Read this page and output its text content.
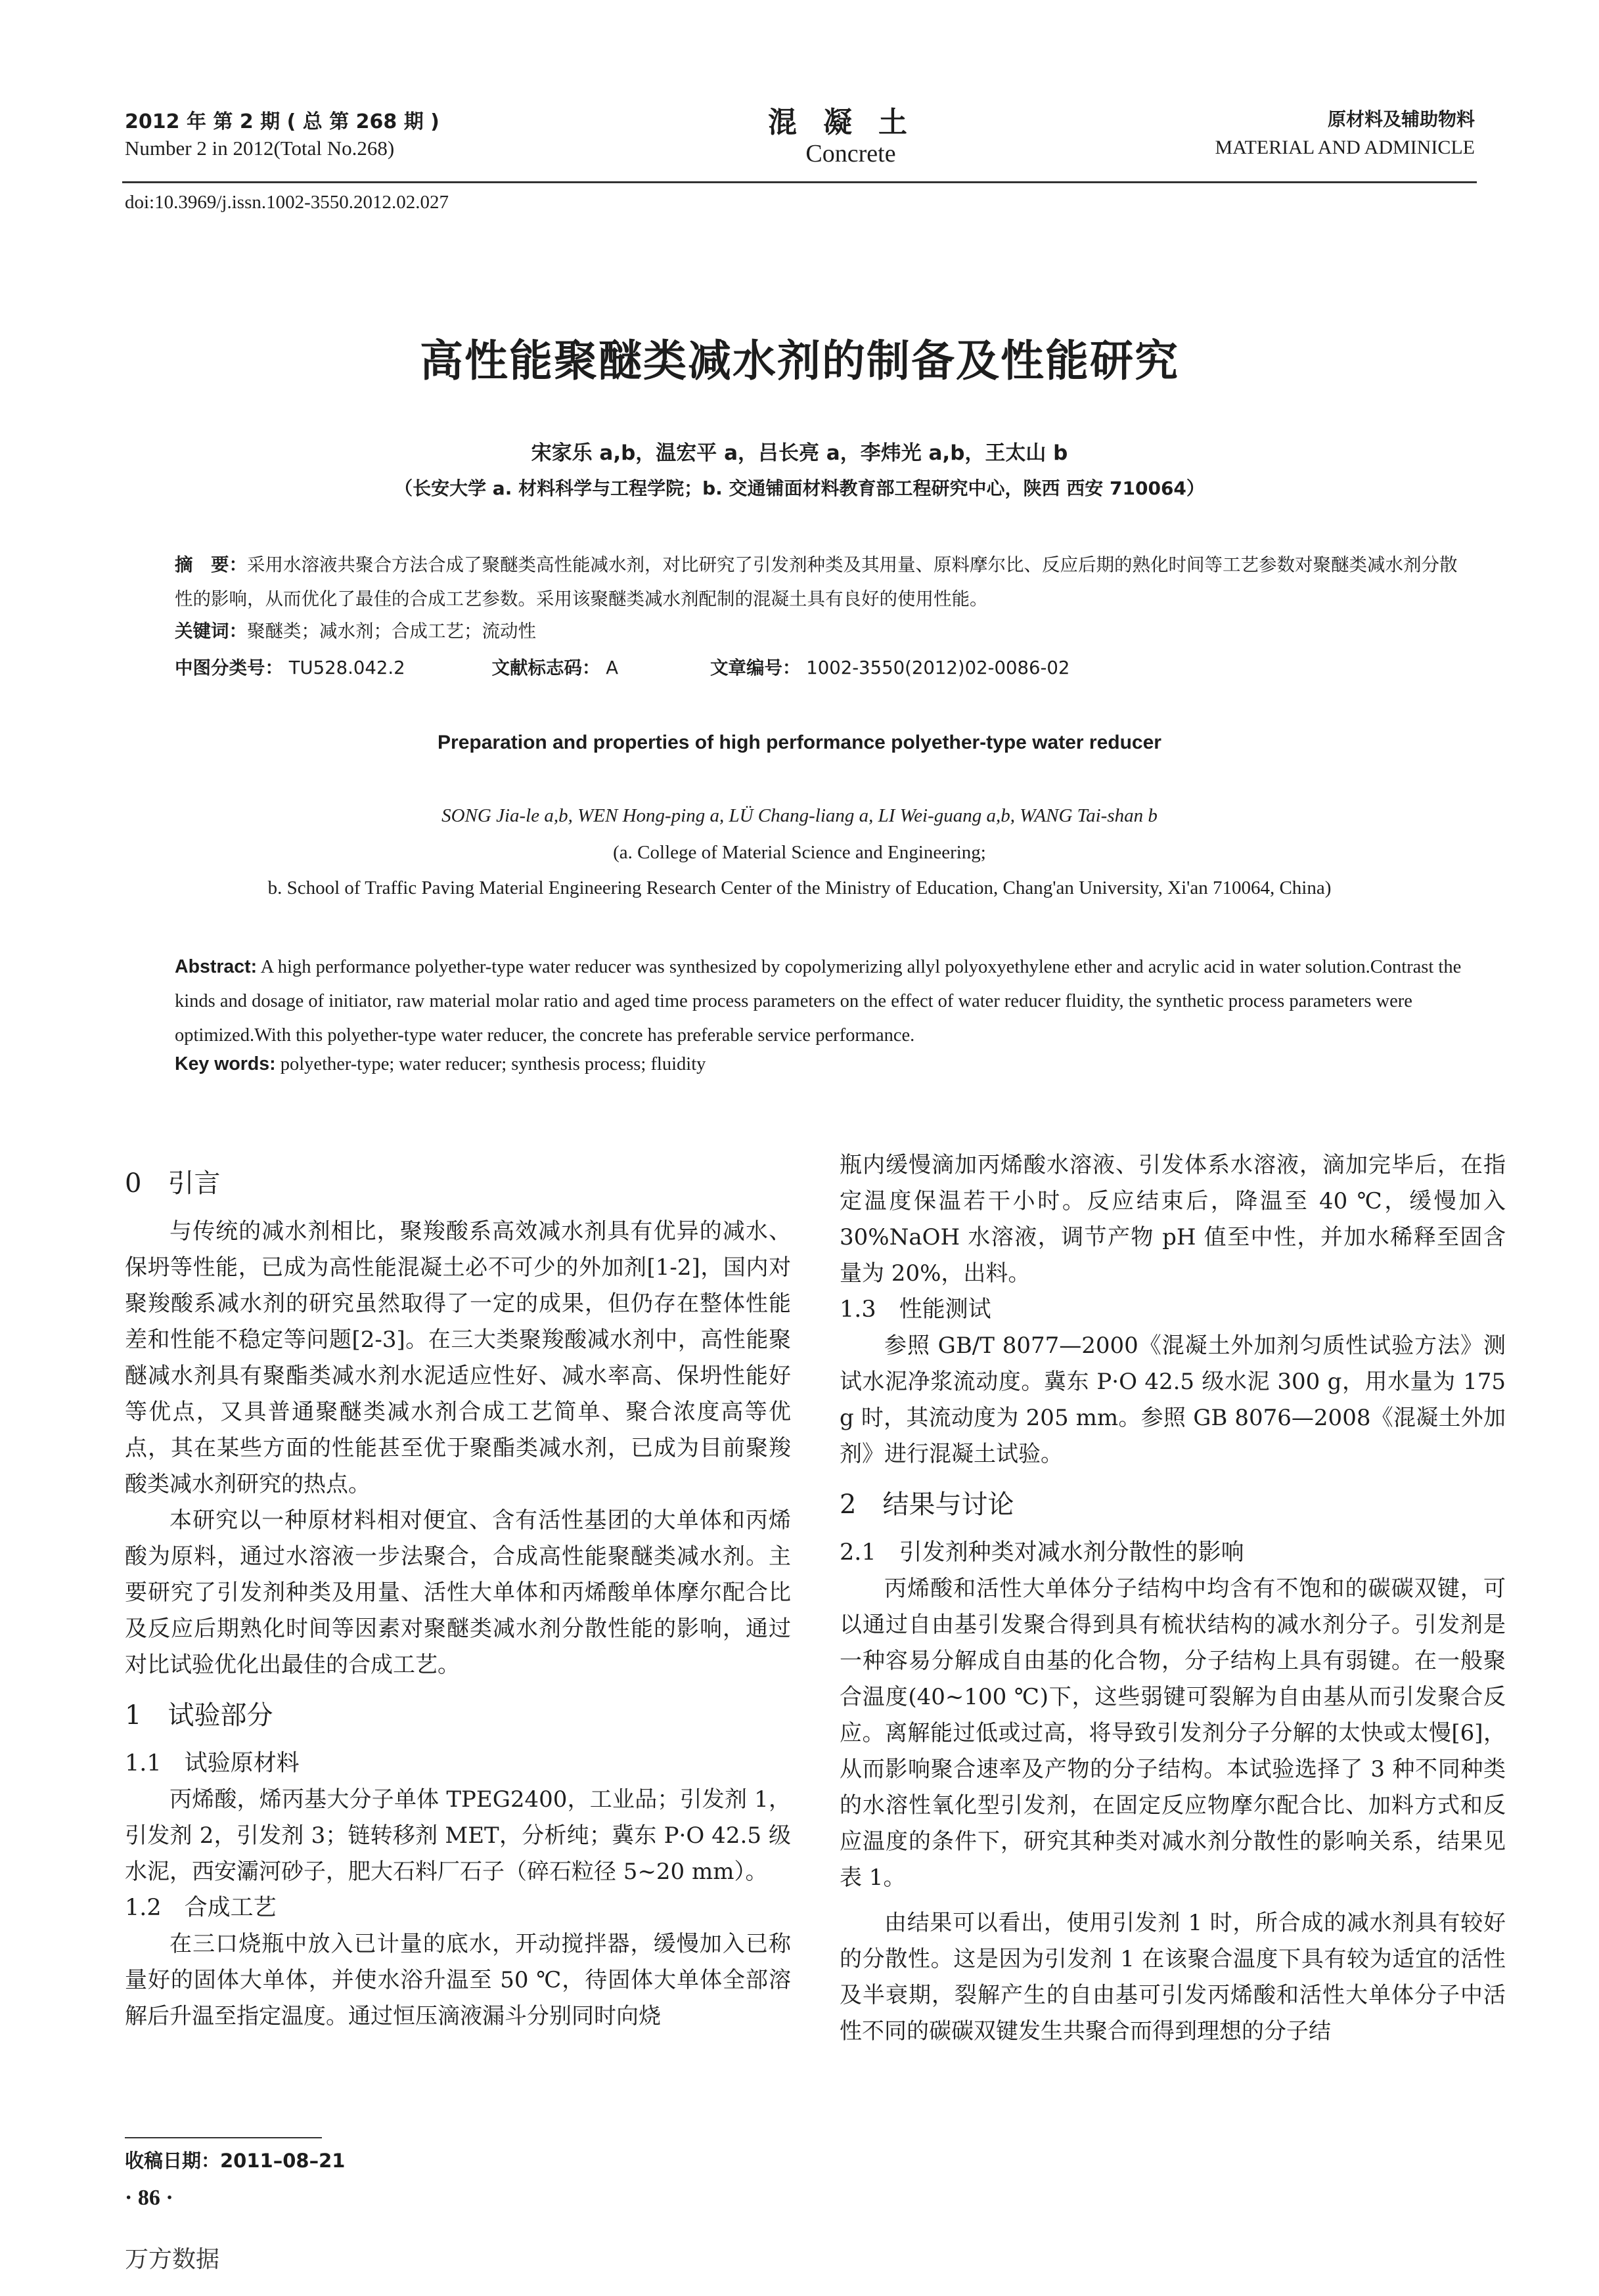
2012 年 第 2 期 ( 总 第 268 期 )
Number 2 in 2012(Total No.268)
混凝土
Concrete
原材料及辅助物料
MATERIAL AND ADMINICLE
doi:10.3969/j.issn.1002-3550.2012.02.027
高性能聚醚类减水剂的制备及性能研究
宋家乐 a,b，温宏平 a，吕长亮 a，李炜光 a,b，王太山 b
（长安大学 a. 材料科学与工程学院；b. 交通铺面材料教育部工程研究中心，陕西 西安 710064）
摘　要：采用水溶液共聚合方法合成了聚醚类高性能减水剂，对比研究了引发剂种类及其用量、原料摩尔比、反应后期的熟化时间等工艺参数对聚醚类减水剂分散性的影响，从而优化了最佳的合成工艺参数。采用该聚醚类减水剂配制的混凝土具有良好的使用性能。
关键词：聚醚类；减水剂；合成工艺；流动性
中图分类号： TU528.042.2	文献标志码： A	文章编号： 1002-3550(2012)02-0086-02
Preparation and properties of high performance polyether-type water reducer
SONG Jia-le a,b, WEN Hong-ping a, LÜ Chang-liang a, LI Wei-guang a,b, WANG Tai-shan b
(a. College of Material Science and Engineering;
b. School of Traffic Paving Material Engineering Research Center of the Ministry of Education, Chang'an University, Xi'an 710064, China)
Abstract: A high performance polyether-type water reducer was synthesized by copolymerizing allyl polyoxyethylene ether and acrylic acid in water solution.Contrast the kinds and dosage of initiator, raw material molar ratio and aged time process parameters on the effect of water reducer fluidity, the synthetic process parameters were optimized.With this polyether-type water reducer, the concrete has preferable service performance.
Key words: polyether-type; water reducer; synthesis process; fluidity
0　引言

与传统的减水剂相比，聚羧酸系高效减水剂具有优异的减水、保坍等性能，已成为高性能混凝土必不可少的外加剂[1-2]，国内对聚羧酸系减水剂的研究虽然取得了一定的成果，但仍存在整体性能差和性能不稳定等问题[2-3]。在三大类聚羧酸减水剂中，高性能聚醚减水剂具有聚酯类减水剂水泥适应性好、减水率高、保坍性能好等优点，又具普通聚醚类减水剂合成工艺简单、聚合浓度高等优点，其在某些方面的性能甚至优于聚酯类减水剂，已成为目前聚羧酸类减水剂研究的热点。

本研究以一种原材料相对便宜、含有活性基团的大单体和丙烯酸为原料，通过水溶液一步法聚合，合成高性能聚醚类减水剂。主要研究了引发剂种类及用量、活性大单体和丙烯酸单体摩尔配合比及反应后期熟化时间等因素对聚醚类减水剂分散性能的影响，通过对比试验优化出最佳的合成工艺。

1　试验部分
1.1　试验原材料

丙烯酸，烯丙基大分子单体 TPEG2400，工业品；引发剂 1，引发剂 2，引发剂 3；链转移剂 MET，分析纯；冀东 P·O 42.5 级水泥，西安灞河砂子，肥大石料厂石子（碎石粒径 5~20 mm）。

1.2　合成工艺

在三口烧瓶中放入已计量的底水，开动搅拌器，缓慢加入已称量好的固体大单体，并使水浴升温至 50 ℃，待固体大单体全部溶解后升温至指定温度。通过恒压滴液漏斗分别同时向烧

瓶内缓慢滴加丙烯酸水溶液、引发体系水溶液，滴加完毕后，在指定温度保温若干小时。反应结束后，降温至 40 ℃，缓慢加入 30%NaOH 水溶液，调节产物 pH 值至中性，并加水稀释至固含量为 20%，出料。

1.3　性能测试

参照 GB/T 8077—2000《混凝土外加剂匀质性试验方法》测试水泥净浆流动度。冀东 P·O 42.5 级水泥 300 g，用水量为 175 g 时，其流动度为 205 mm。参照 GB 8076—2008《混凝土外加剂》进行混凝土试验。

2　结果与讨论
2.1　引发剂种类对减水剂分散性的影响

丙烯酸和活性大单体分子结构中均含有不饱和的碳碳双键，可以通过自由基引发聚合得到具有梳状结构的减水剂分子。引发剂是一种容易分解成自由基的化合物，分子结构上具有弱键。在一般聚合温度(40~100 ℃)下，这些弱键可裂解为自由基从而引发聚合反应。离解能过低或过高，将导致引发剂分子分解的太快或太慢[6]，从而影响聚合速率及产物的分子结构。本试验选择了 3 种不同种类的水溶性氧化型引发剂，在固定反应物摩尔配合比、加料方式和反应温度的条件下，研究其种类对减水剂分散性的影响关系，结果见表 1。

由结果可以看出，使用引发剂 1 时，所合成的减水剂具有较好的分散性。这是因为引发剂 1 在该聚合温度下具有较为适宜的活性及半衰期，裂解产生的自由基可引发丙烯酸和活性大单体分子中活性不同的碳碳双键发生共聚合而得到理想的分子结

收稿日期：2011–08–21
· 86 ·
万方数据
